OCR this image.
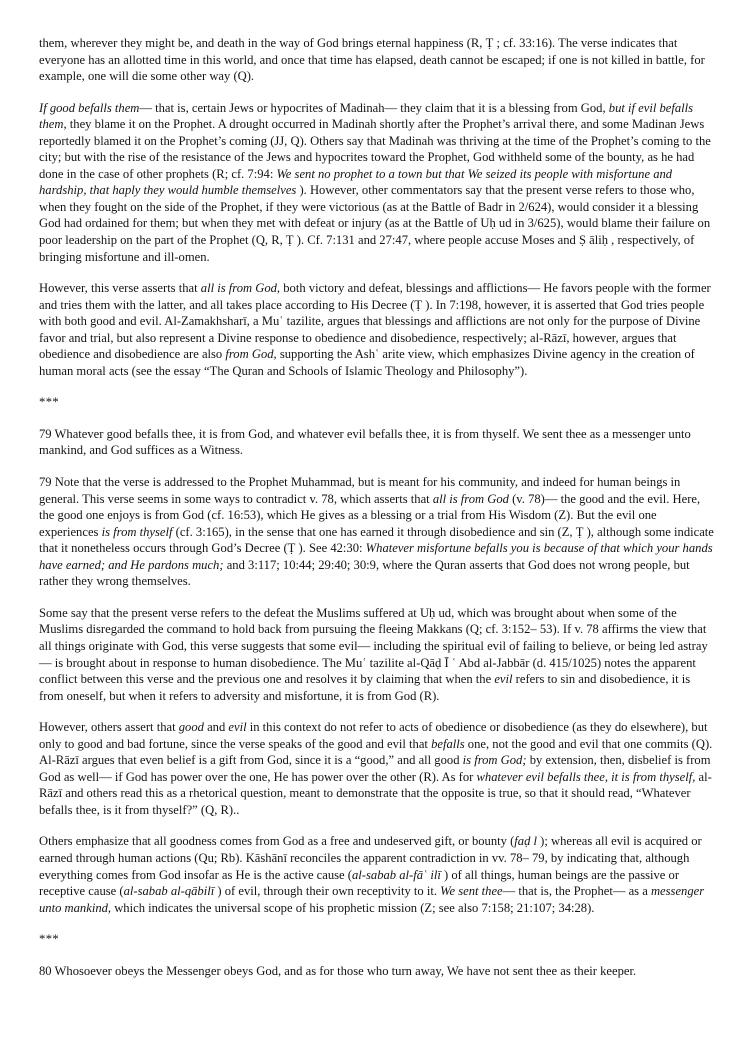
them, wherever they might be, and death in the way of God brings eternal happiness (R, Ṭ ; cf. 33:16). The verse indicates that everyone has an allotted time in this world, and once that time has elapsed, death cannot be escaped; if one is not killed in battle, for example, one will die some other way (Q).

If good befalls them— that is, certain Jews or hypocrites of Madinah— they claim that it is a blessing from God, but if evil befalls them, they blame it on the Prophet. A drought occurred in Madinah shortly after the Prophet’s arrival there, and some Madinan Jews reportedly blamed it on the Prophet’s coming (JJ, Q). Others say that Madinah was thriving at the time of the Prophet’s coming to the city; but with the rise of the resistance of the Jews and hypocrites toward the Prophet, God withheld some of the bounty, as he had done in the case of other prophets (R; cf. 7:94: We sent no prophet to a town but that We seized its people with misfortune and hardship, that haply they would humble themselves ). However, other commentators say that the present verse refers to those who, when they fought on the side of the Prophet, if they were victorious (as at the Battle of Badr in 2/624), would consider it a blessing God had ordained for them; but when they met with defeat or injury (as at the Battle of Uḥ ud in 3/625), would blame their failure on poor leadership on the part of the Prophet (Q, R, Ṭ ). Cf. 7:131 and 27:47, where people accuse Moses and Ṣ āliḥ , respectively, of bringing misfortune and ill-omen.

However, this verse asserts that all is from God, both victory and defeat, blessings and afflictions— He favors people with the former and tries them with the latter, and all takes place according to His Decree (Ṭ ). In 7:198, however, it is asserted that God tries people with both good and evil. Al-Zamakhsharī, a Muʿ tazilite, argues that blessings and afflictions are not only for the purpose of Divine favor and trial, but also represent a Divine response to obedience and disobedience, respectively; al-Rāzī, however, argues that obedience and disobedience are also from God, supporting the Ashʿ arite view, which emphasizes Divine agency in the creation of human moral acts (see the essay “The Quran and Schools of Islamic Theology and Philosophy”).

***

79 Whatever good befalls thee, it is from God, and whatever evil befalls thee, it is from thyself. We sent thee as a messenger unto mankind, and God suffices as a Witness.

79 Note that the verse is addressed to the Prophet Muhammad, but is meant for his community, and indeed for human beings in general. This verse seems in some ways to contradict v. 78, which asserts that all is from God (v. 78)— the good and the evil. Here, the good one enjoys is from God (cf. 16:53), which He gives as a blessing or a trial from His Wisdom (Z). But the evil one experiences is from thyself (cf. 3:165), in the sense that one has earned it through disobedience and sin (Z, Ṭ ), although some indicate that it nonetheless occurs through God’s Decree (Ṭ ). See 42:30: Whatever misfortune befalls you is because of that which your hands have earned; and He pardons much; and 3:117; 10:44; 29:40; 30:9, where the Quran asserts that God does not wrong people, but rather they wrong themselves.

Some say that the present verse refers to the defeat the Muslims suffered at Uḥ ud, which was brought about when some of the Muslims disregarded the command to hold back from pursuing the fleeing Makkans (Q; cf. 3:152– 53). If v. 78 affirms the view that all things originate with God, this verse suggests that some evil— including the spiritual evil of failing to believe, or being led astray— is brought about in response to human disobedience. The Muʿ tazilite al-Qāḍ Ī ʿ Abd al-Jabbār (d. 415/1025) notes the apparent conflict between this verse and the previous one and resolves it by claiming that when the evil refers to sin and disobedience, it is from oneself, but when it refers to adversity and misfortune, it is from God (R).

However, others assert that good and evil in this context do not refer to acts of obedience or disobedience (as they do elsewhere), but only to good and bad fortune, since the verse speaks of the good and evil that befalls one, not the good and evil that one commits (Q). Al-Rāzī argues that even belief is a gift from God, since it is a “good,” and all good is from God; by extension, then, disbelief is from God as well— if God has power over the one, He has power over the other (R). As for whatever evil befalls thee, it is from thyself, al-Rāzī and others read this as a rhetorical question, meant to demonstrate that the opposite is true, so that it should read, “Whatever befalls thee, is it from thyself?” (Q, R)..

Others emphasize that all goodness comes from God as a free and undeserved gift, or bounty (faḍ l ); whereas all evil is acquired or earned through human actions (Qu; Rb). Kāshānī reconciles the apparent contradiction in vv. 78– 79, by indicating that, although everything comes from God insofar as He is the active cause (al-sabab al-fāʿ ilī ) of all things, human beings are the passive or receptive cause (al-sabab al-qābilī ) of evil, through their own receptivity to it. We sent thee— that is, the Prophet— as a messenger unto mankind, which indicates the universal scope of his prophetic mission (Z; see also 7:158; 21:107; 34:28).

***

80 Whosoever obeys the Messenger obeys God, and as for those who turn away, We have not sent thee as their keeper.
